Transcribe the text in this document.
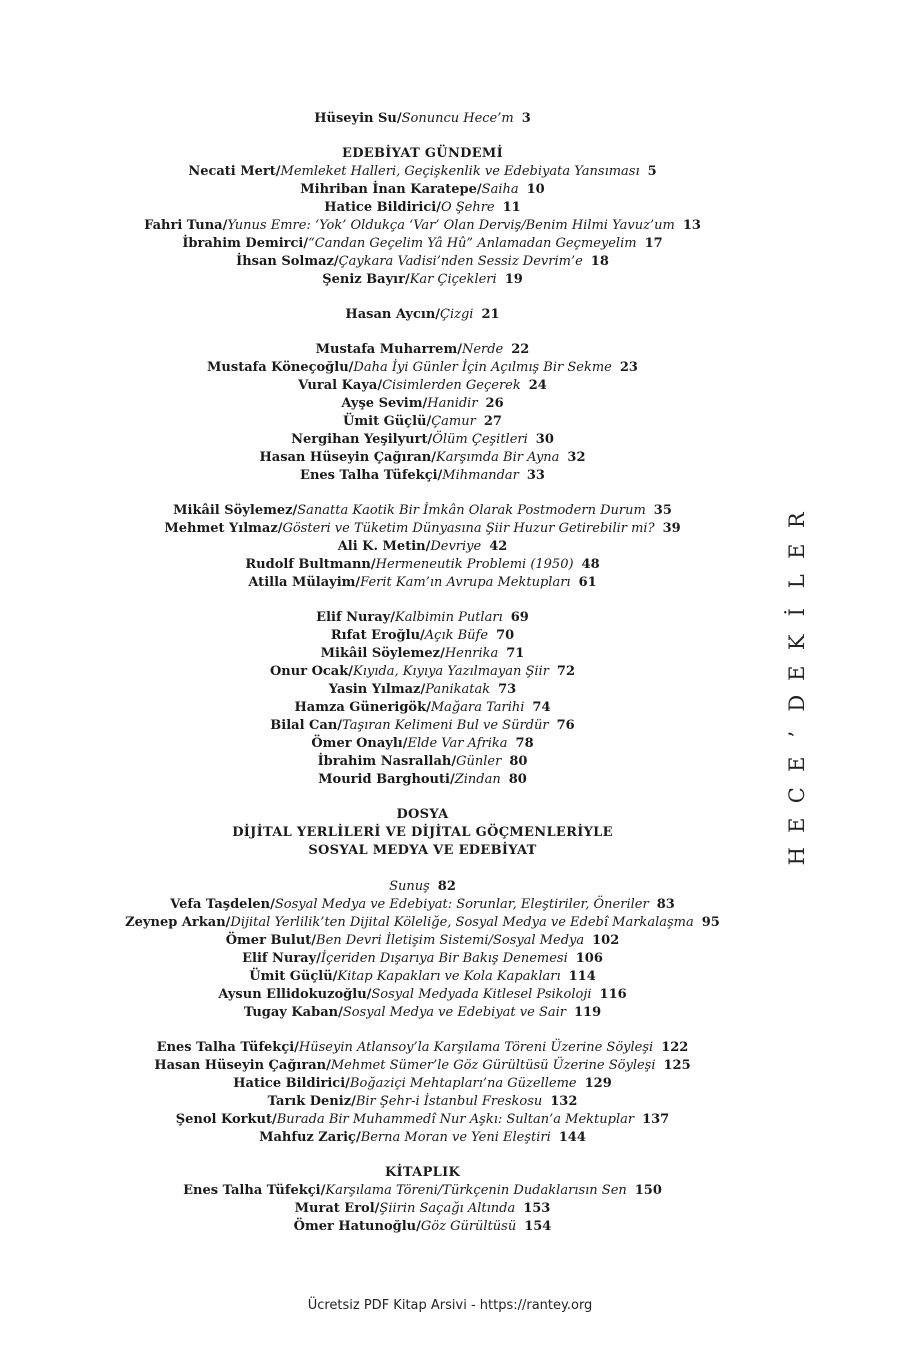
Hüseyin Su/Sonuncu Hece’m 3
EDEBİYAT GÜNDEMİ
Necati Mert/Memleket Halleri, Geçişkenlik ve Edebiyata Yansıması 5
Mihriban İnan Karatepe/Saiha 10
Hatice Bildirici/O Şehre 11
Fahri Tuna/Yunus Emre: ‘Yok’ Oldukça ‘Var’ Olan Derviş/Benim Hilmi Yavuz’um 13
İbrahim Demirci/“Candan Geçelim Yâ Hû” Anlamadan Geçmeyelim 17
İhsan Solmaz/Çaykara Vadisi’nden Sessiz Devrim’e 18
Şeniz Bayır/Kar Çiçekleri 19
Hasan Aycın/Çizgi 21
Mustafa Muharrem/Nerde 22
Mustafa Köneçoğlu/Daha İyi Günler İçin Açılmış Bir Sekme 23
Vural Kaya/Cisimlerden Geçerek 24
Ayşe Sevim/Hanidir 26
Ümit Güçlü/Çamur 27
Nergihan Yeşilyurt/Ölüm Çeşitleri 30
Hasan Hüseyin Çağıran/Karşımda Bir Ayna 32
Enes Talha Tüfekçi/Mihmandar 33
Mikâil Söylemez/Sanatta Kaotik Bir İmkân Olarak Postmodern Durum 35
Mehmet Yılmaz/Gösteri ve Tüketim Dünyasına Şiir Huzur Getirebilir mi? 39
Ali K. Metin/Devriye 42
Rudolf Bultmann/Hermeneutik Problemi (1950) 48
Atilla Mülayim/Ferit Kam’ın Avrupa Mektupları 61
Elif Nuray/Kalbimin Putları 69
Rıfat Eroğlu/Açık Büfe 70
Mikâil Söylemez/Henrika 71
Onur Ocak/Kıyıda, Kıyıya Yazılmayan Şiir 72
Yasin Yılmaz/Panikatak 73
Hamza Günerigök/Mağara Tarihi 74
Bilal Can/Taşıran Kelimeni Bul ve Sürdür 76
Ömer Onaylı/Elde Var Afrika 78
İbrahim Nasrallah/Günler 80
Mourid Barghouti/Zindan 80
DOSYA
DİJİTAL YERLİLERİ VE DİJİTAL GÖÇMENLERİYLE
SOSYAL MEDYA VE EDEBİYAT
Sunuş 82
Vefa Taşdelen/Sosyal Medya ve Edebiyat: Sorunlar, Eleştiriler, Öneriler 83
Zeynep Arkan/Dijital Yerlilik’ten Dijital Köleliğe, Sosyal Medya ve Edebî Markalaşma 95
Ömer Bulut/Ben Devri İletişim Sistemi/Sosyal Medya 102
Elif Nuray/İçeriden Dışarıya Bir Bakış Denemesi 106
Ümit Güçlü/Kitap Kapakları ve Kola Kapakları 114
Aysun Ellidokuzoğlu/Sosyal Medyada Kitlesel Psikoloji 116
Tugay Kaban/Sosyal Medya ve Edebiyat ve Sair 119
Enes Talha Tüfekçi/Hüseyin Atlansoy’la Karşılama Töreni Üzerine Söyleşi 122
Hasan Hüseyin Çağıran/Mehmet Sümer’le Göz Gürültüsü Üzerine Söyleşi 125
Hatice Bildirici/Boğaziçi Mehtapları’na Güzelleme 129
Tarık Deniz/Bir Şehr-i İstanbul Freskosu 132
Şenol Korkut/Burada Bir Muhammedî Nur Aşkı: Sultan’a Mektuplar 137
Mahfuz Zariç/Berna Moran ve Yeni Eleştiri 144
KİTAPLIK
Enes Talha Tüfekçi/Karşılama Töreni/Türkçenin Dudaklarısın Sen 150
Murat Erol/Şiirin Saçağı Altında 153
Ömer Hatunoğlu/Göz Gürültüsü 154
R
E
L
İ
K
E
D
’
E
C
E
H
Ücretsiz PDF Kitap Arsivi - https://rantey.org
